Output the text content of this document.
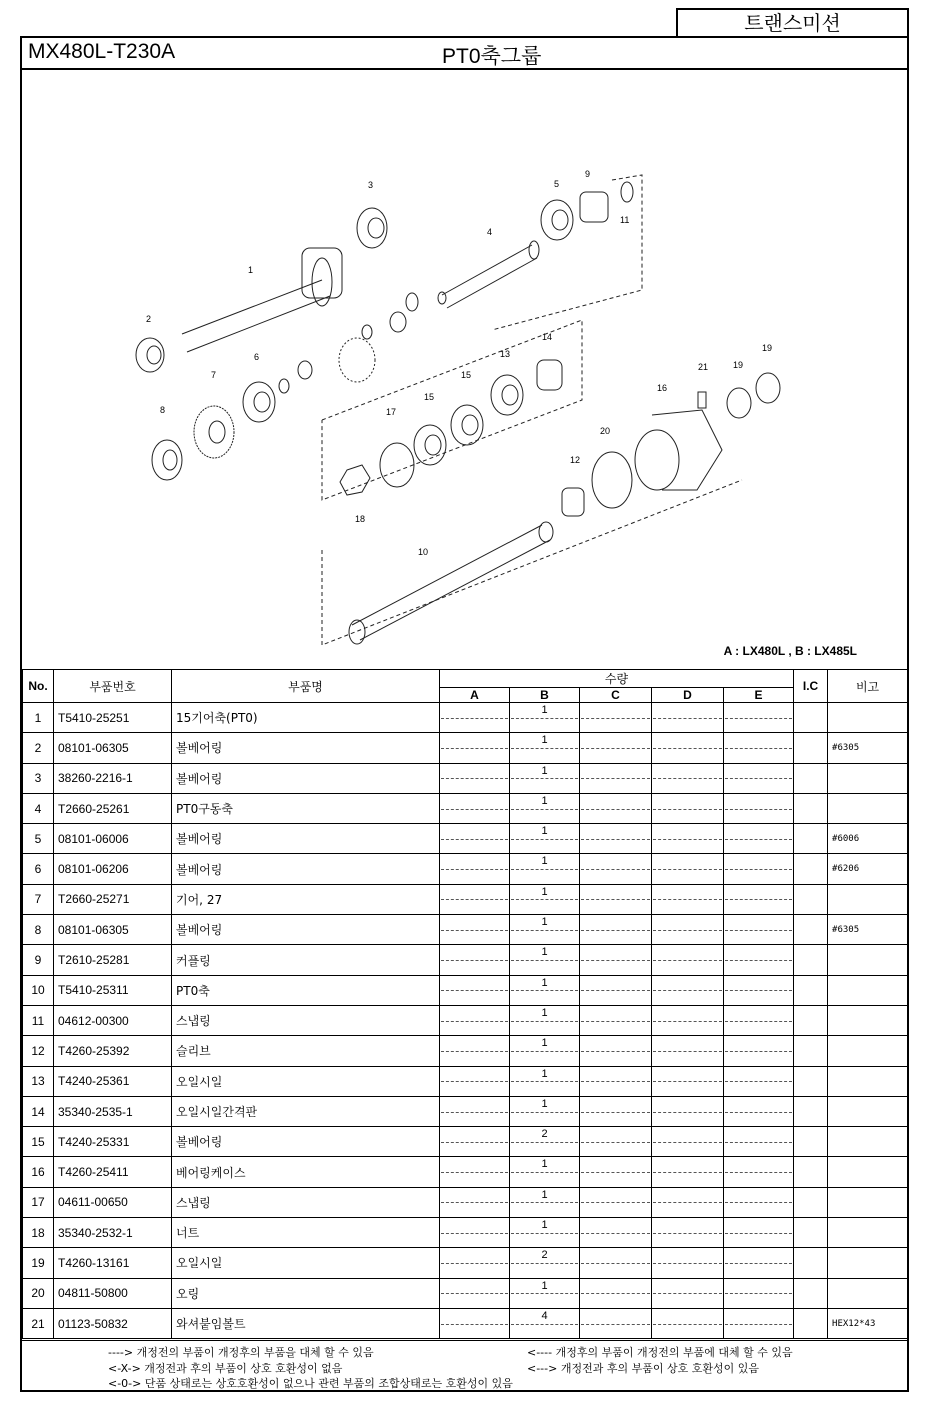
트랜스미션
MX480L-T230A	PT0축그룹
1
2
3
4
5
6
7
8
9
10
11
12
13
14
15
15
16
17
18
19
19
20
21
A : LX480L , B : LX485L
No.	부품번호	부품명	수량					I.C	비고
			A	B	C	D	E		
1	T5410-25251	15기어축(PT0)		1					

2	08101-06305	볼베어링		1					#6305
3	38260-2216-1	볼베어링		1					

4	T2660-25261	PT0구동축		1					

5	08101-06006	볼베어링		1					#6006
6	08101-06206	볼베어링		1					#6206
7	T2660-25271	기어, 27		1					

8	08101-06305	볼베어링		1					#6305
9	T2610-25281	커플링		1					

10	T5410-25311	PT0축		1					

11	04612-00300	스냅링		1					

12	T4260-25392	슬리브		1					

13	T4240-25361	오일시일		1					

14	35340-2535-1	오일시일간격판		1					

15	T4240-25331	볼베어링		2					

16	T4260-25411	베어링케이스		1					

17	04611-00650	스냅링		1					

18	35340-2532-1	너트		1					

19	T4260-13161	오일시일		2					

20	04811-50800	오링		1					

21	01123-50832	와셔붙임볼트		4					HEX12*43
----> 개정전의 부품이 개정후의 부품을 대체 할 수 있음	<---- 개정후의 부품이 개정전의 부품에 대체 할 수 있음
<-X-> 개정전과 후의 부품이 상호 호환성이 없음	<---> 개정전과 후의 부품이 상호 호환성이 있음
<-0-> 단품 상태로는 상호호환성이 없으나 관련 부품의 조합상태로는 호환성이 있음
